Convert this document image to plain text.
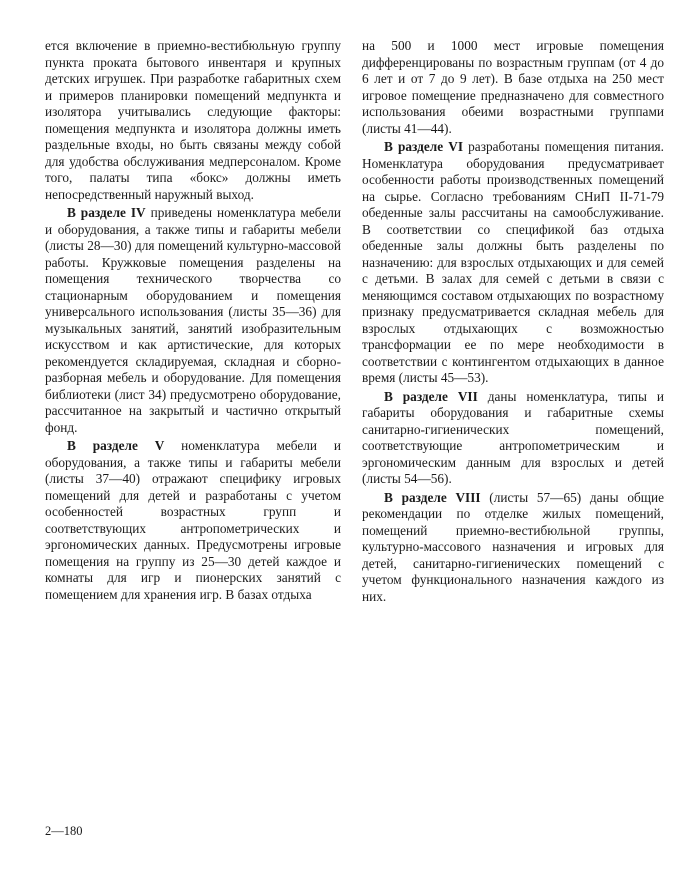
ется включение в приемно-вестибюльную группу пункта проката бытового инвентаря и крупных детских игрушек. При разработке габаритных схем и примеров планировки помещений медпункта и изолятора учитывались следующие факторы: помещения медпункта и изолятора должны иметь раздельные входы, но быть связаны между собой для удобства обслуживания медперсоналом. Кроме того, палаты типа «бокс» должны иметь непосредственный наружный выход.

В разделе IV приведены номенклатура мебели и оборудования, а также типы и габариты мебели (листы 28—30) для помещений культурно-массовой работы. Кружковые помещения разделены на помещения технического творчества со стационарным оборудованием и помещения универсального использования (листы 35—36) для музыкальных занятий, занятий изобразительным искусством и как артистические, для которых рекомендуется складируемая, складная и сборно-разборная мебель и оборудование. Для помещения библиотеки (лист 34) предусмотрено оборудование, рассчитанное на закрытый и частично открытый фонд.

В разделе V номенклатура мебели и оборудования, а также типы и габариты мебели (листы 37—40) отражают специфику игровых помещений для детей и разработаны с учетом особенностей возрастных групп и соответствующих антропометрических и эргономических данных. Предусмотрены игровые помещения на группу из 25—30 детей каждое и комнаты для игр и пионерских занятий с помещением для хранения игр. В базах отдыха

на 500 и 1000 мест игровые помещения дифференцированы по возрастным группам (от 4 до 6 лет и от 7 до 9 лет). В базе отдыха на 250 мест игровое помещение предназначено для совместного использования обеими возрастными группами (листы 41—44).

В разделе VI разработаны помещения питания. Номенклатура оборудования предусматривает особенности работы производственных помещений на сырье. Согласно требованиям СНиП II-71-79 обеденные залы рассчитаны на самообслуживание. В соответствии со спецификой баз отдыха обеденные залы должны быть разделены по назначению: для взрослых отдыхающих и для семей с детьми. В залах для семей с детьми в связи с меняющимся составом отдыхающих по возрастному признаку предусматривается складная мебель для взрослых отдыхающих с возможностью трансформации ее по мере необходимости в соответствии с контингентом отдыхающих в данное время (листы 45—53).

В разделе VII даны номенклатура, типы и габариты оборудования и габаритные схемы санитарно-гигиенических помещений, соответствующие антропометрическим и эргономическим данным для взрослых и детей (листы 54—56).

В разделе VIII (листы 57—65) даны общие рекомендации по отделке жилых помещений, помещений приемно-вестибюльной группы, культурно-массового назначения и игровых для детей, санитарно-гигиенических помещений с учетом функционального назначения каждого из них.

2—180
